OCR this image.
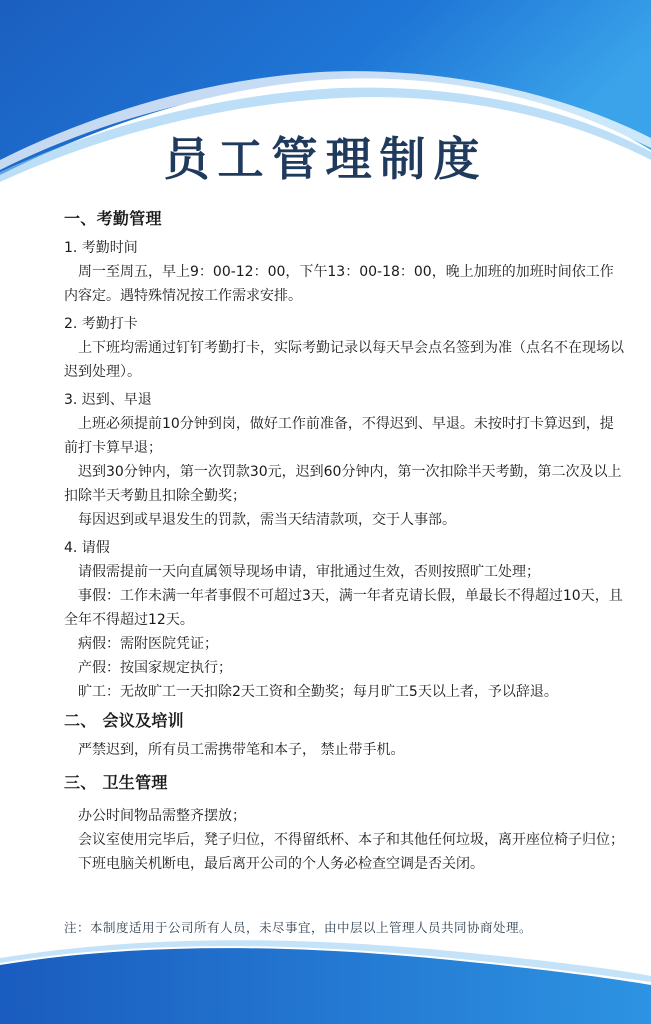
员工管理制度

一、考勤管理

1. 考勤时间

周一至周五，早上9：00-12：00，下午13：00-18：00，晚上加班的加班时间依工作内容定。遇特殊情况按工作需求安排。

2. 考勤打卡

上下班均需通过钉钉考勤打卡，实际考勤记录以每天早会点名签到为准（点名不在现场以迟到处理）。

3. 迟到、早退

上班必须提前10分钟到岗，做好工作前准备，不得迟到、早退。未按时打卡算迟到，提前打卡算早退；

迟到30分钟内，第一次罚款30元，迟到60分钟内，第一次扣除半天考勤，第二次及以上扣除半天考勤且扣除全勤奖；

每因迟到或早退发生的罚款，需当天结清款项，交于人事部。

4. 请假

请假需提前一天向直属领导现场申请，审批通过生效，否则按照旷工处理；

事假：工作未满一年者事假不可超过3天，满一年者克请长假，单最长不得超过10天，且全年不得超过12天。

病假：需附医院凭证；

产假：按国家规定执行；

旷工：无故旷工一天扣除2天工资和全勤奖；每月旷工5天以上者，予以辞退。

二、 会议及培训

严禁迟到，所有员工需携带笔和本子， 禁止带手机。

三、 卫生管理

办公时间物品需整齐摆放；

会议室使用完毕后，凳子归位，不得留纸杯、本子和其他任何垃圾，离开座位椅子归位；

下班电脑关机断电，最后离开公司的个人务必检查空调是否关闭。

注：本制度适用于公司所有人员，未尽事宜，由中层以上管理人员共同协商处理。
